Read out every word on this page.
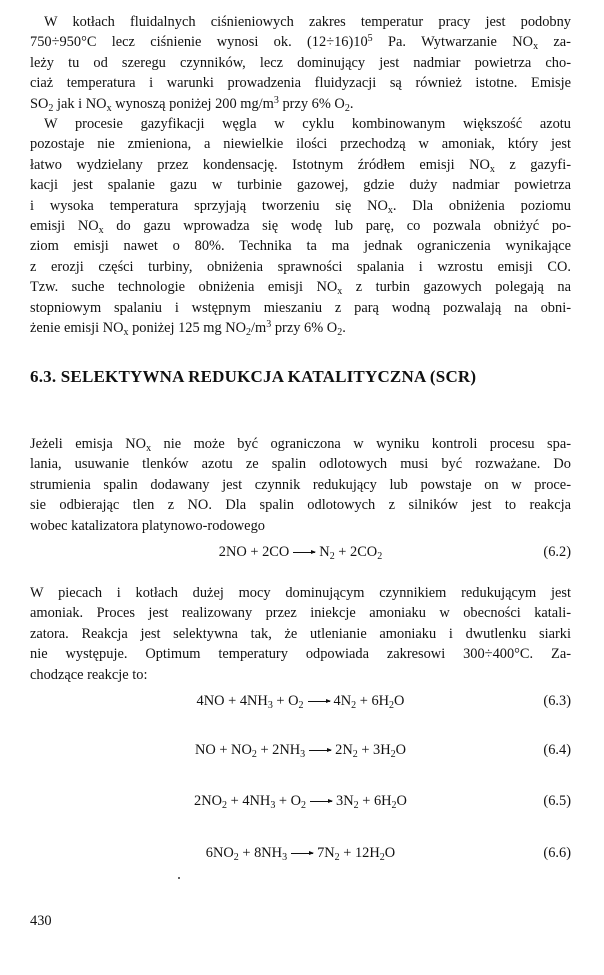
W kotłach fluidalnych ciśnieniowych zakres temperatur pracy jest podobny
750÷950°C lecz ciśnienie wynosi ok. $(12\div 16)10^5$ Pa. Wytwarzanie $NO_x$ za-
leży tu od szeregu czynników, lecz dominujący jest nadmiar powietrza cho-
ciaż temperatura i warunki prowadzenia fluidyzacji są również istotne. Emisje
$SO_2$ jak i $NO_x$ wynoszą poniżej 200 $mg/m^3$ przy 6% $O_2$.
W procesie gazyfikacji węgla w cyklu kombinowanym większość azotu
pozostaje nie zmieniona, a niewielkie ilości przechodzą w amoniak, który jest
łatwo wydzielany przez kondensację. Istotnym źródłem emisji $NO_x$ z gazyfi-
kacji jest spalanie gazu w turbinie gazowej, gdzie duży nadmiar powietrza
i wysoka temperatura sprzyjają tworzeniu się $NO_x$. Dla obniżenia poziomu
emisji $NO_x$ do gazu wprowadza się wodę lub parę, co pozwala obniżyć po-
ziom emisji nawet o 80%. Technika ta ma jednak ograniczenia wynikające
z erozji części turbiny, obniżenia sprawności spalania i wzrostu emisji CO.
Tzw. suche technologie obniżenia emisji $NO_x$ z turbin gazowych polegają na
stopniowym spalaniu i wstępnym mieszaniu z parą wodną pozwalają na obni-
żenie emisji $NO_x$ poniżej 125 mg $NO_2/m^3$ przy 6% $O_2$.
6.3. SELEKTYWNA REDUKCJA KATALITYCZNA (SCR)
Jeżeli emisja $NO_x$ nie może być ograniczona w wyniku kontroli procesu spa-
lania, usuwanie tlenków azotu ze spalin odlotowych musi być rozważane. Do
strumienia spalin dodawany jest czynnik redukujący lub powstaje on w proce-
sie odbierając tlen z NO. Dla spalin odlotowych z silników jest to reakcja
wobec katalizatora platynowo-rodowego
$2NO + 2CO \to N_2 + 2CO_2$	(6.2)
W piecach i kotłach dużej mocy dominującym czynnikiem redukującym jest
amoniak. Proces jest realizowany przez iniekcje amoniaku w obecności katali-
zatora. Reakcja jest selektywna tak, że utlenianie amoniaku i dwutlenku siarki
nie występuje. Optimum temperatury odpowiada zakresowi 300÷400°C. Za-
chodzące reakcje to:
$4NO + 4NH_3 + O_2 \to 4N_2 + 6H_2O$	(6.3)
NO + $NO_2 + 2NH_3 \to 2N_2 + 3H_2O$	(6.4)
$2NO_2 + 4NH_3 + O_2 \to 3N_2 + 6H_2O$	(6.5)
$6NO_2 + 8NH_3 \to 7N_2 + 12H_2O$	(6.6)
430
